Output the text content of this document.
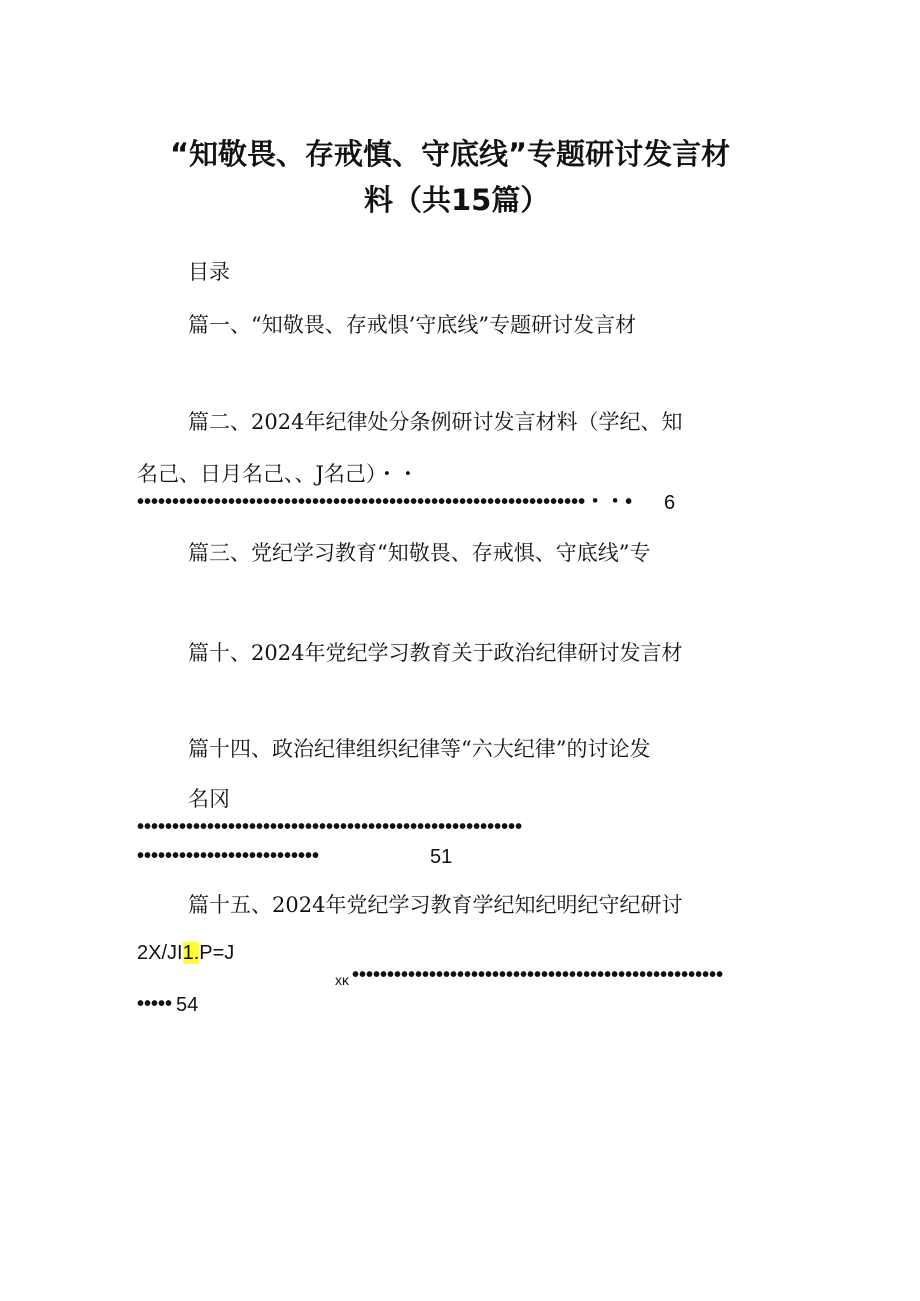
“知敬畏、存戒慎、守底线”专题研讨发言材
料（共15篇）
目录
篇一、“知敬畏、存戒惧’守底线”专题研讨发言材
篇二、2024年纪律处分条例研讨发言材料（学纪、知
名己、日月名己、、J名己）・・
••••••••••••••••••••••••••••••••••••••••••••••••••••••••••••••••・・•	6
篇三、党纪学习教育“知敬畏、存戒惧、守底线”专
篇十、2024年党纪学习教育关于政治纪律研讨发言材
篇十四、政治纪律组织纪律等“六大纪律”的讨论发
名冈
•••••••••••••••••••••••••••••••••••••••••••••••••••••••
••••••••••••••••••••••••••	51
篇十五、2024年党纪学习教育学纪知纪明纪守纪研讨
2X/JI1.P=J
xĸ •••••••••••••••••••••••••••••••••••••••••••••••••••••
••••• 54
